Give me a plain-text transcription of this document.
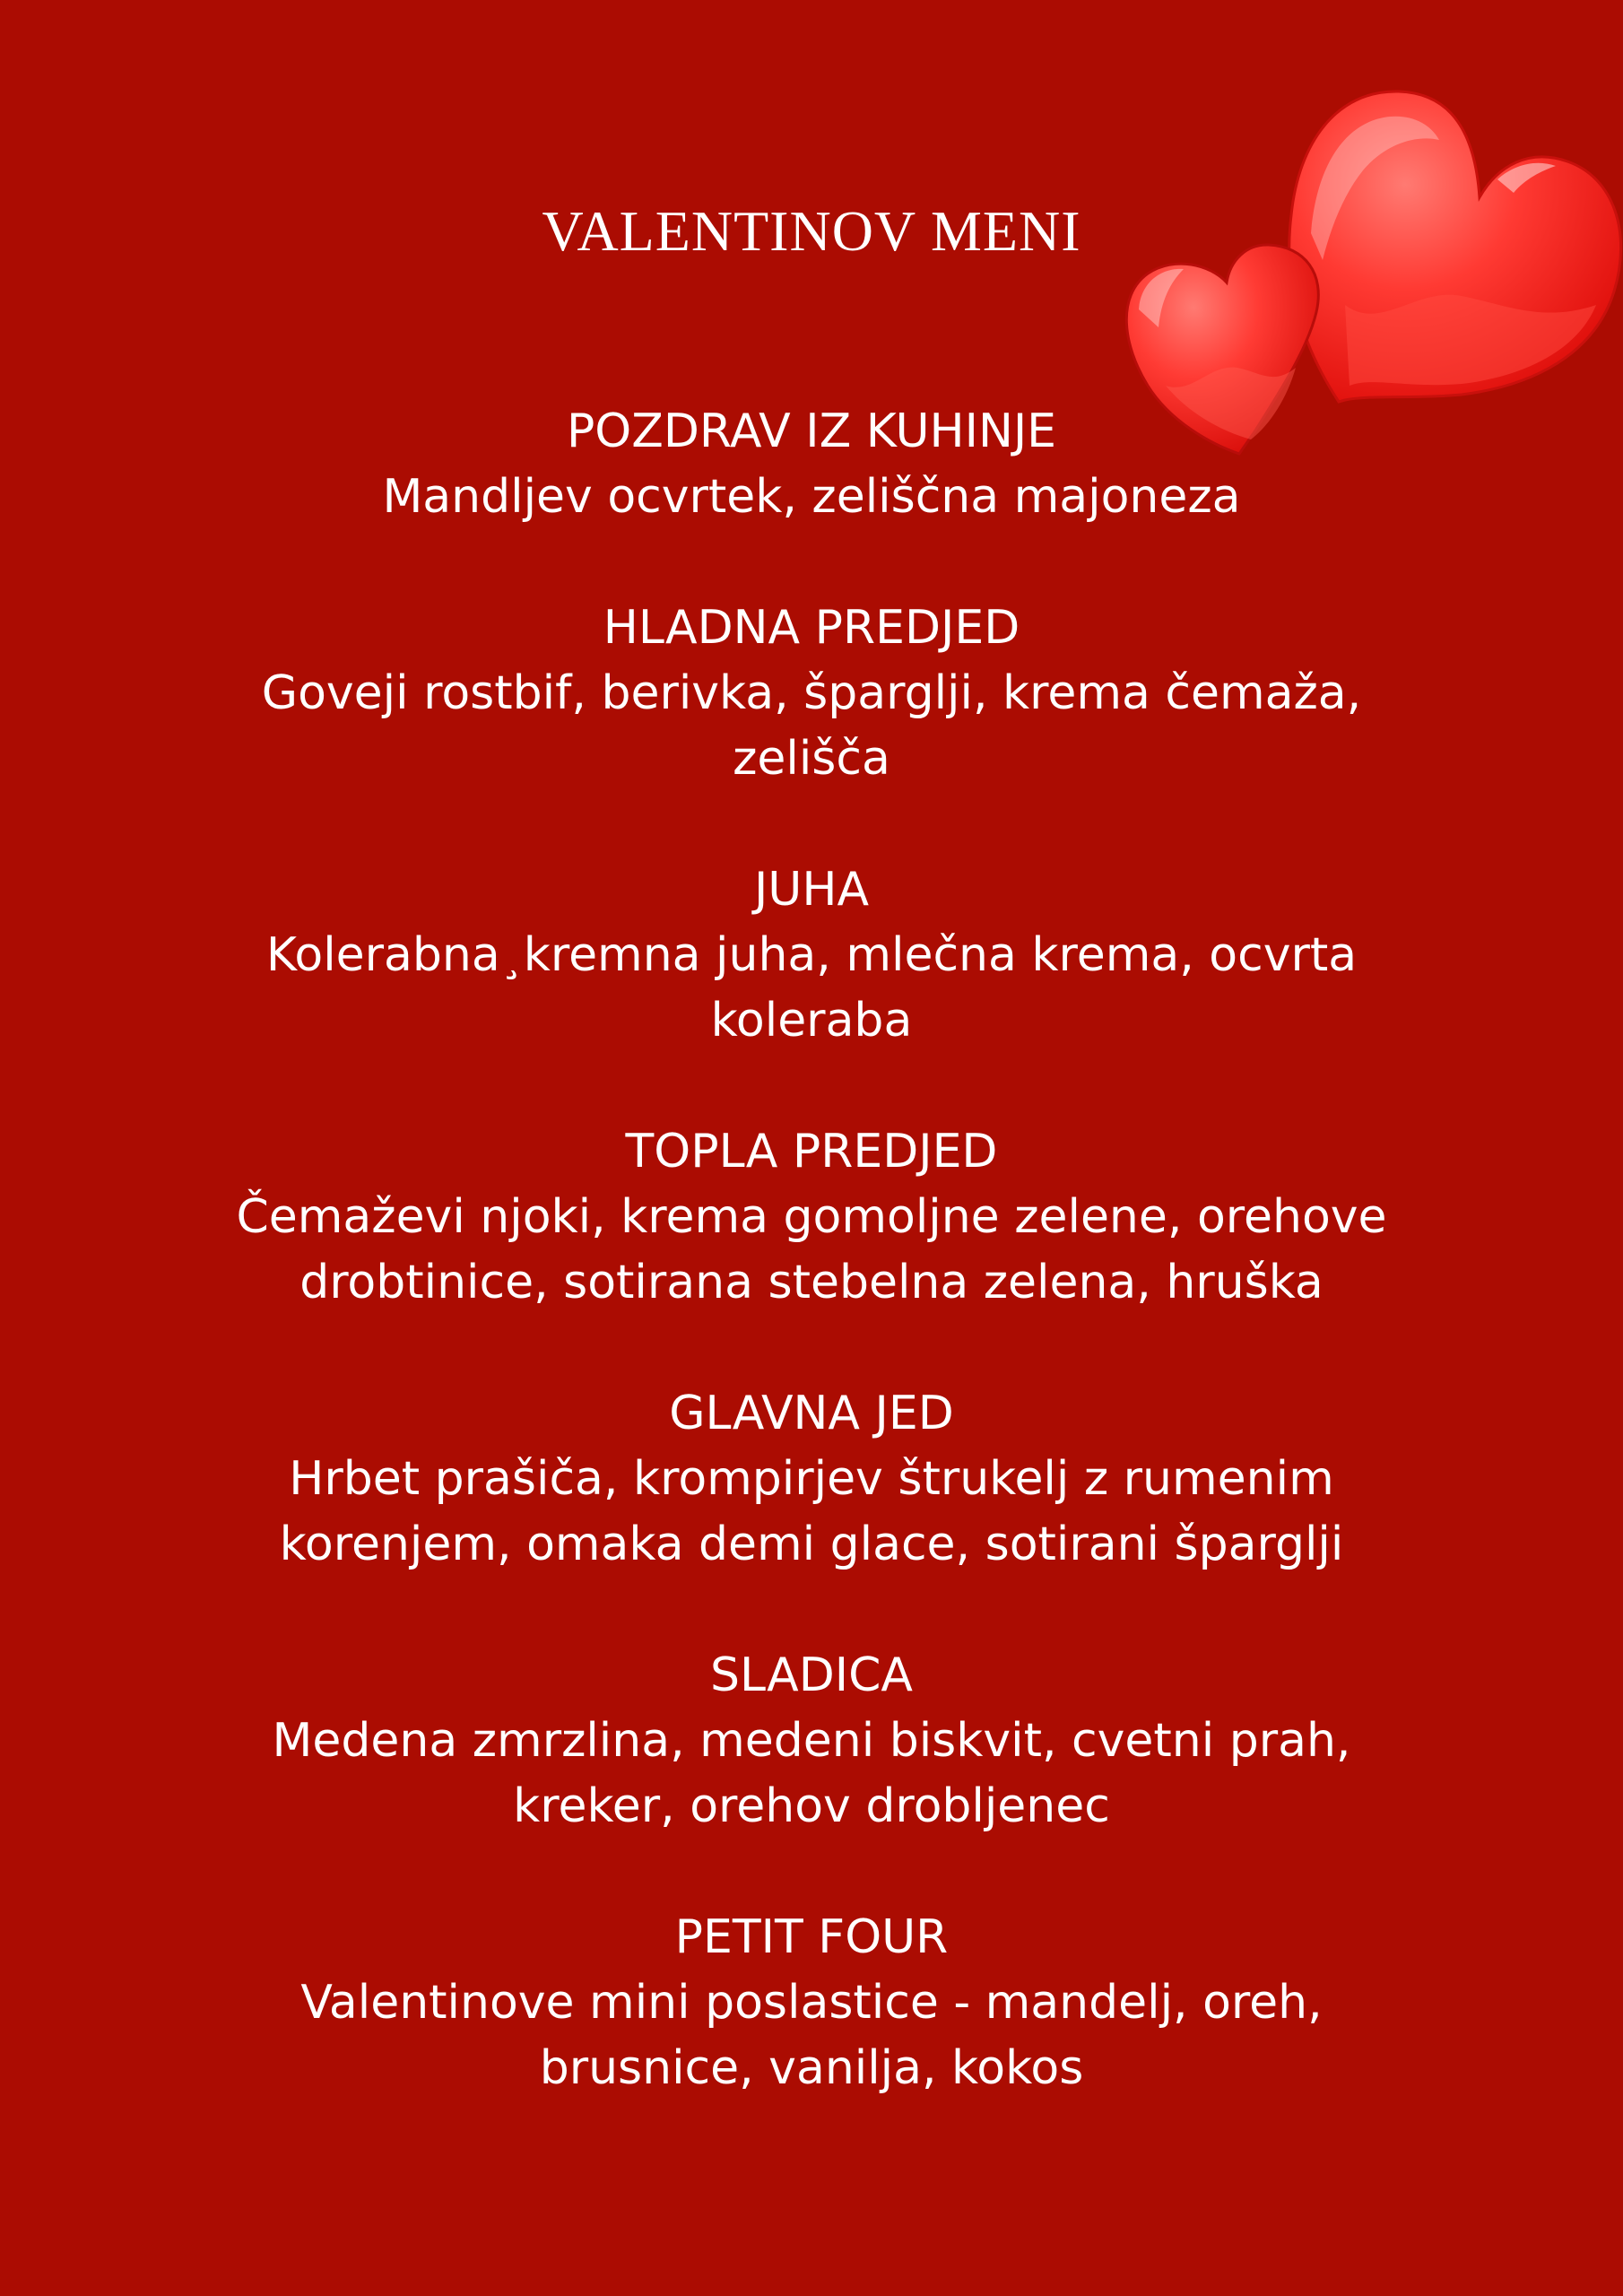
VALENTINOV MENI
POZDRAV IZ KUHINJE
Mandljev ocvrtek, zeliščna majoneza
HLADNA PREDJED
Goveji rostbif, berivka, šparglji, krema čemaža, zelišča
JUHA
Kolerabna¸kremna juha, mlečna krema, ocvrta koleraba
TOPLA PREDJED
Čemaževi njoki, krema gomoljne zelene, orehove drobtinice, sotirana stebelna zelena, hruška
GLAVNA JED
Hrbet prašiča, krompirjev štrukelj z rumenim korenjem, omaka demi glace, sotirani šparglji
SLADICA
Medena zmrzlina, medeni biskvit, cvetni prah, kreker, orehov drobljenec
PETIT FOUR
Valentinove mini poslastice - mandelj, oreh, brusnice, vanilja, kokos
